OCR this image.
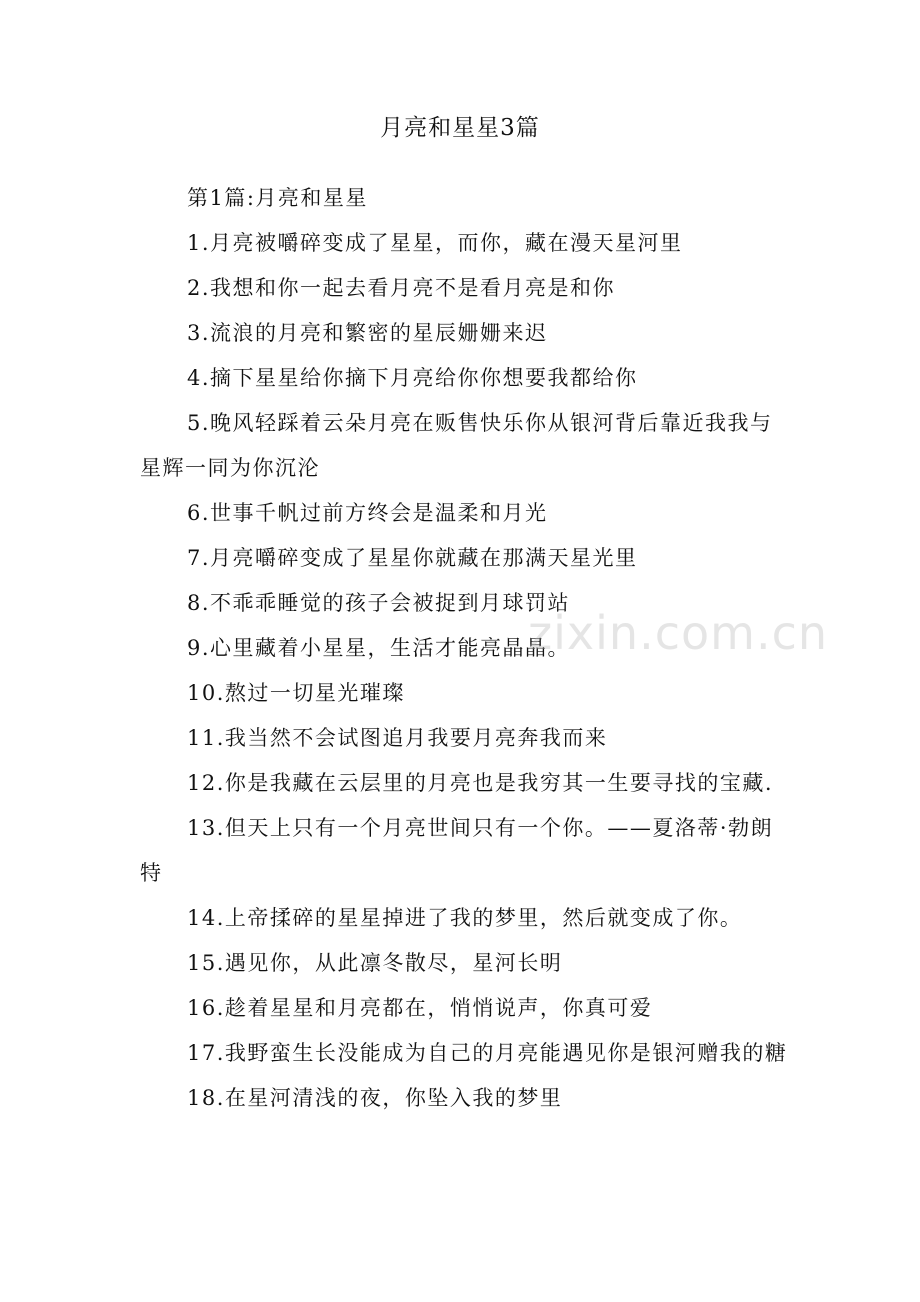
月亮和星星3篇

第1篇:月亮和星星

1.月亮被嚼碎变成了星星，而你，藏在漫天星河里

2.我想和你一起去看月亮不是看月亮是和你

3.流浪的月亮和繁密的星辰姗姗来迟

4.摘下星星给你摘下月亮给你你想要我都给你

5.晚风轻踩着云朵月亮在贩售快乐你从银河背后靠近我我与星辉一同为你沉沦

6.世事千帆过前方终会是温柔和月光

7.月亮嚼碎变成了星星你就藏在那满天星光里

8.不乖乖睡觉的孩子会被捉到月球罚站

9.心里藏着小星星，生活才能亮晶晶。

10.熬过一切星光璀璨

11.我当然不会试图追月我要月亮奔我而来

12.你是我藏在云层里的月亮也是我穷其一生要寻找的宝藏.

13.但天上只有一个月亮世间只有一个你。——夏洛蒂·勃朗特

14.上帝揉碎的星星掉进了我的梦里，然后就变成了你。

15.遇见你，从此凛冬散尽，星河长明

16.趁着星星和月亮都在，悄悄说声，你真可爱

17.我野蛮生长没能成为自己的月亮能遇见你是银河赠我的糖

18.在星河清浅的夜，你坠入我的梦里

zixin.com.cn
